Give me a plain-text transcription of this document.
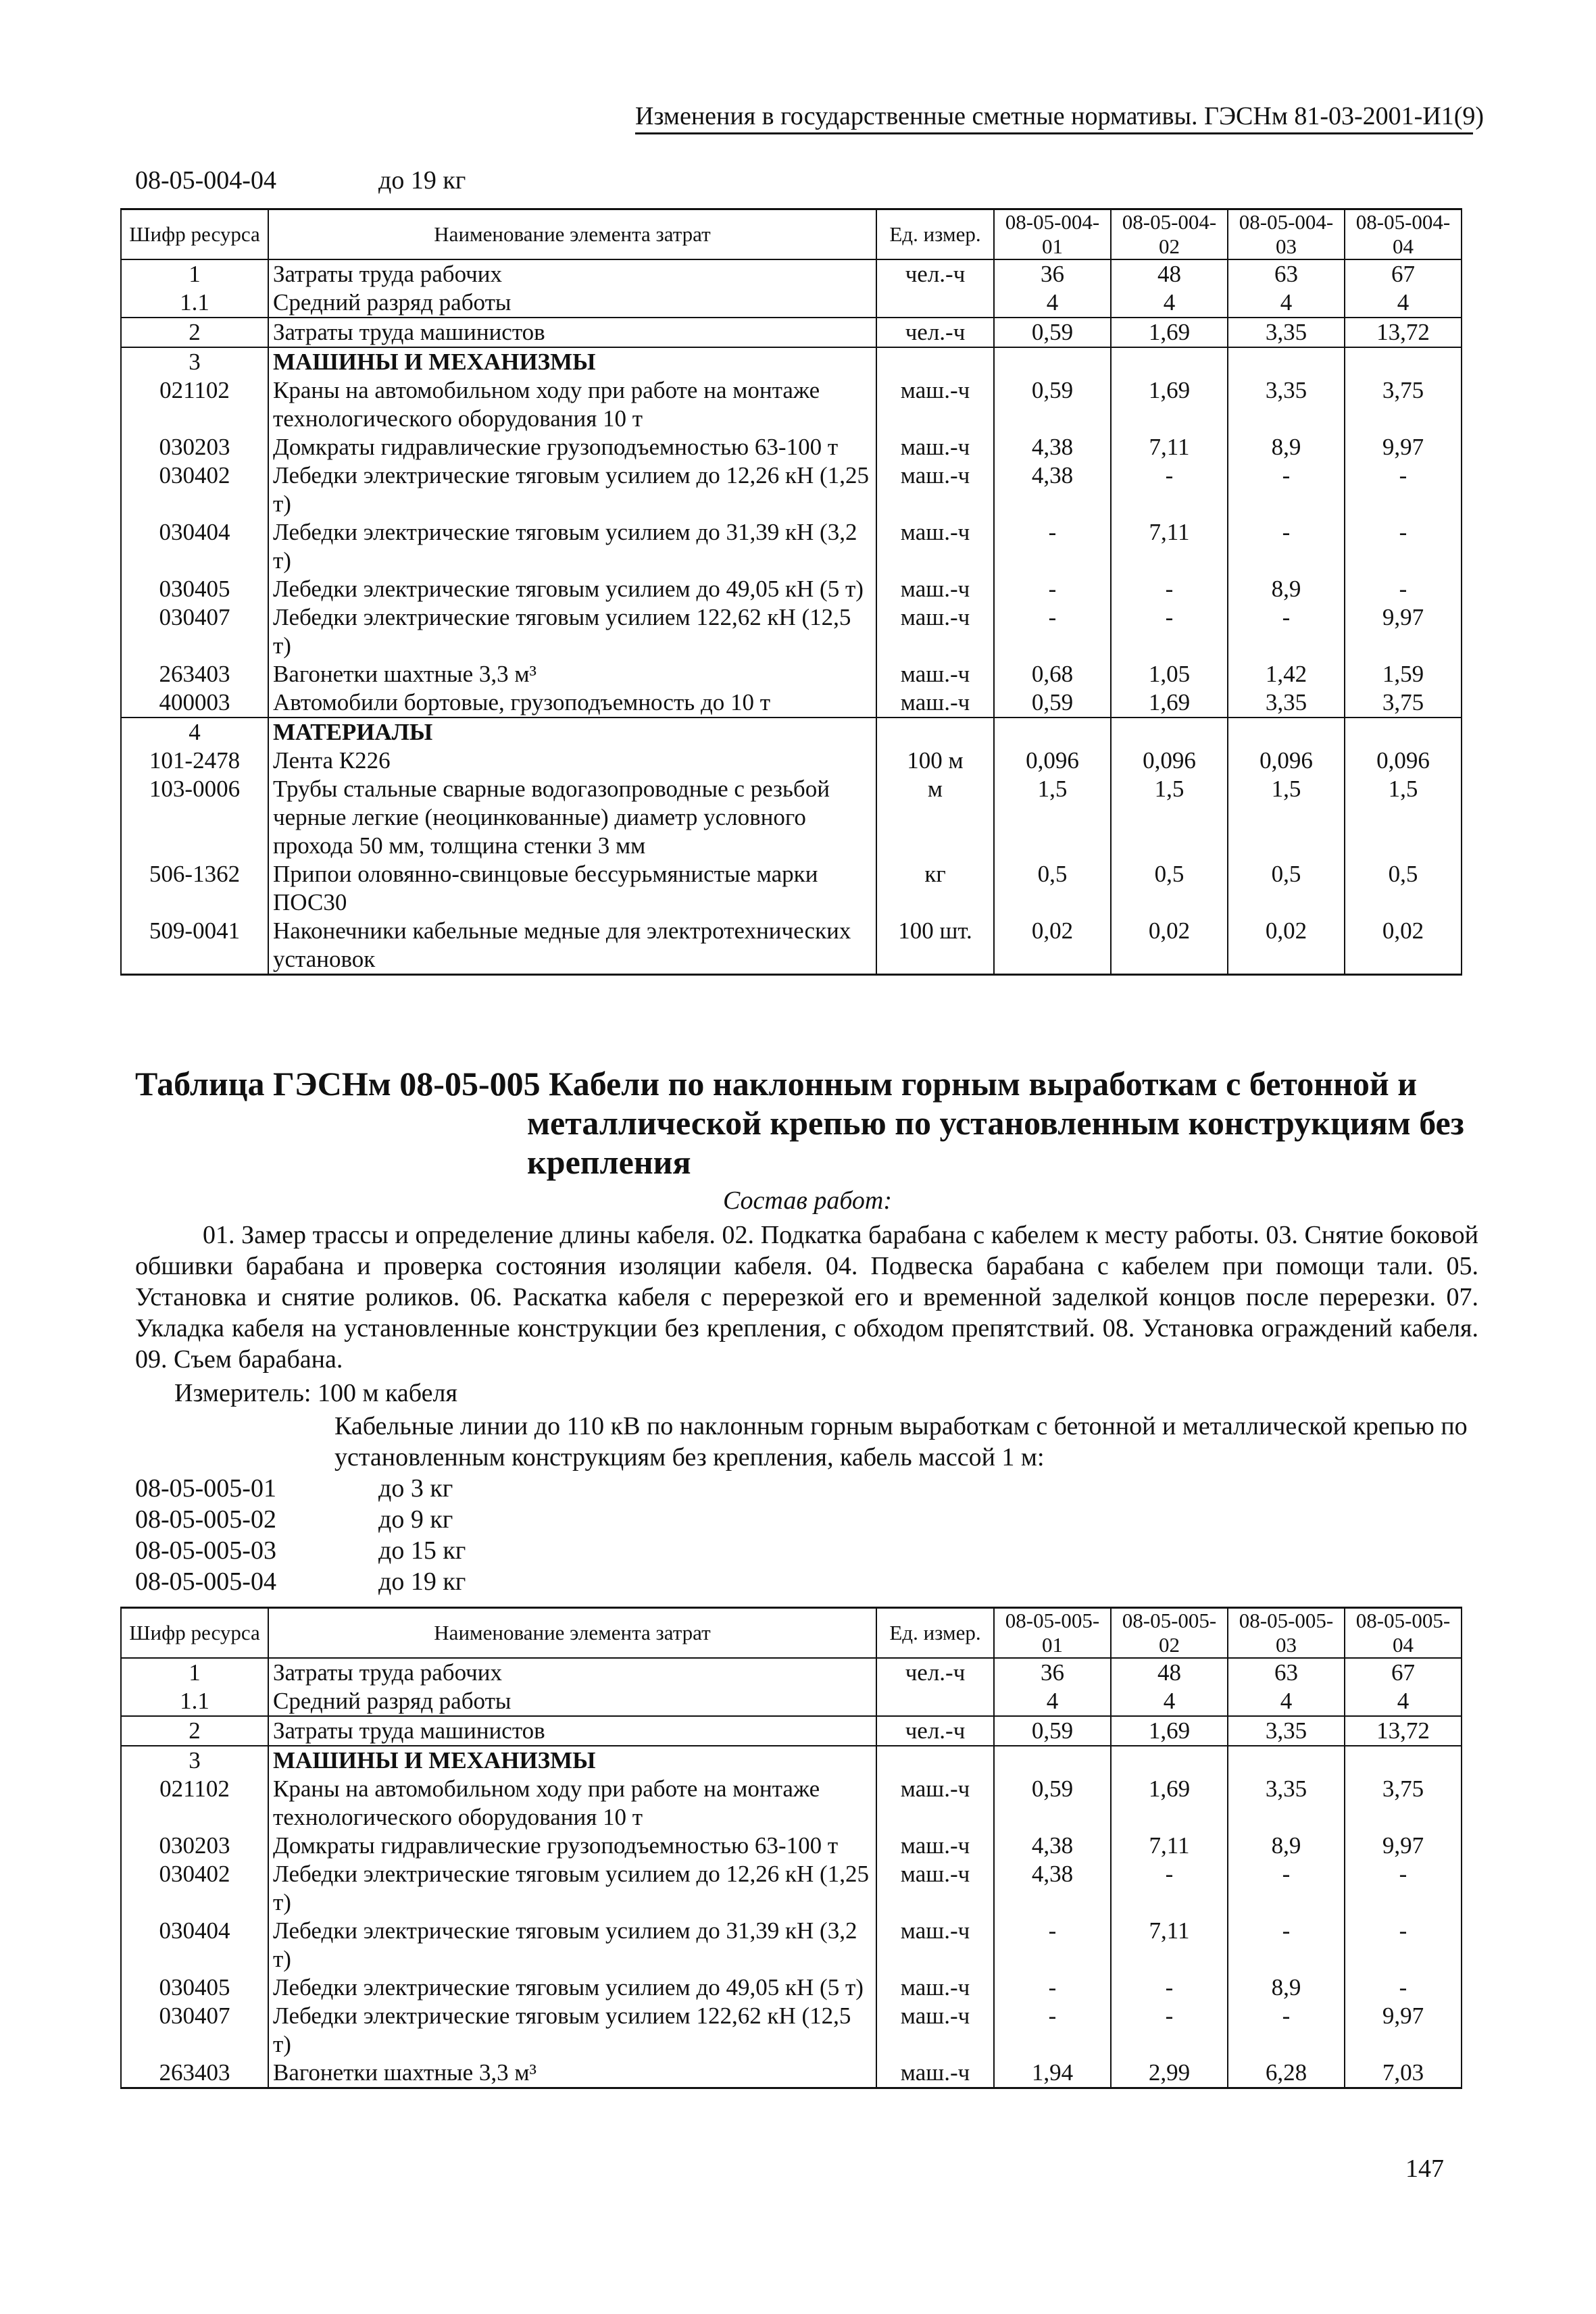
Изменения в государственные сметные нормативы. ГЭСНм 81-03-2001-И1(9)
08-05-004-04	до 19 кг
Шифр ресурса	Наименование элемента затрат	Ед. измер.	08-05-004-01	08-05-004-02	08-05-004-03	08-05-004-04
1	Затраты труда рабочих	чел.-ч	36	48	63	67
1.1	Средний разряд работы		4	4	4	4
2	Затраты труда машинистов	чел.-ч	0,59	1,69	3,35	13,72
3	МАШИНЫ И МЕХАНИЗМЫ					
021102	Краны на автомобильном ходу при работе на монтаже технологического оборудования 10 т	маш.-ч	0,59	1,69	3,35	3,75
030203	Домкраты гидравлические грузоподъемностью 63-100 т	маш.-ч	4,38	7,11	8,9	9,97
030402	Лебедки электрические тяговым усилием до 12,26 кН (1,25 т)	маш.-ч	4,38	-	-	-
030404	Лебедки электрические тяговым усилием до 31,39 кН (3,2 т)	маш.-ч	-	7,11	-	-
030405	Лебедки электрические тяговым усилием до 49,05 кН (5 т)	маш.-ч	-	-	8,9	-
030407	Лебедки электрические тяговым усилием 122,62 кН (12,5 т)	маш.-ч	-	-	-	9,97
263403	Вагонетки шахтные 3,3 м³	маш.-ч	0,68	1,05	1,42	1,59
400003	Автомобили бортовые, грузоподъемность до 10 т	маш.-ч	0,59	1,69	3,35	3,75
4	МАТЕРИАЛЫ					
101-2478	Лента К226	100 м	0,096	0,096	0,096	0,096
103-0006	Трубы стальные сварные водогазопроводные с резьбой черные легкие (неоцинкованные) диаметр условного прохода 50 мм, толщина стенки 3 мм	м	1,5	1,5	1,5	1,5
506-1362	Припои оловянно-свинцовые бессурьмянистые марки ПОС30	кг	0,5	0,5	0,5	0,5
509-0041	Наконечники кабельные медные для электротехнических установок	100 шт.	0,02	0,02	0,02	0,02
Таблица ГЭСНм 08-05-005 Кабели по наклонным горным выработкам с бетонной и
металлической крепью по установленным конструкциям без
крепления
Состав работ:
01. Замер трассы и определение длины кабеля. 02. Подкатка барабана с кабелем к месту работы. 03. Снятие боковой обшивки барабана и проверка состояния изоляции кабеля. 04. Подвеска барабана с кабелем при помощи тали. 05. Установка и снятие роликов. 06. Раскатка кабеля с перерезкой его и временной заделкой концов после перерезки. 07. Укладка кабеля на установленные конструкции без крепления, с обходом препятствий. 08. Установка ограждений кабеля. 09. Съем барабана.
Измеритель: 100 м кабеля
Кабельные линии до 110 кВ по наклонным горным выработкам с бетонной и металлической крепью по установленным конструкциям без крепления, кабель массой 1 м:
08-05-005-01	до 3 кг
08-05-005-02	до 9 кг
08-05-005-03	до 15 кг
08-05-005-04	до 19 кг
Шифр ресурса	Наименование элемента затрат	Ед. измер.	08-05-005-01	08-05-005-02	08-05-005-03	08-05-005-04
1	Затраты труда рабочих	чел.-ч	36	48	63	67
1.1	Средний разряд работы		4	4	4	4
2	Затраты труда машинистов	чел.-ч	0,59	1,69	3,35	13,72
3	МАШИНЫ И МЕХАНИЗМЫ					
021102	Краны на автомобильном ходу при работе на монтаже технологического оборудования 10 т	маш.-ч	0,59	1,69	3,35	3,75
030203	Домкраты гидравлические грузоподъемностью 63-100 т	маш.-ч	4,38	7,11	8,9	9,97
030402	Лебедки электрические тяговым усилием до 12,26 кН (1,25 т)	маш.-ч	4,38	-	-	-
030404	Лебедки электрические тяговым усилием до 31,39 кН (3,2 т)	маш.-ч	-	7,11	-	-
030405	Лебедки электрические тяговым усилием до 49,05 кН (5 т)	маш.-ч	-	-	8,9	-
030407	Лебедки электрические тяговым усилием 122,62 кН (12,5 т)	маш.-ч	-	-	-	9,97
263403	Вагонетки шахтные 3,3 м³	маш.-ч	1,94	2,99	6,28	7,03
147
